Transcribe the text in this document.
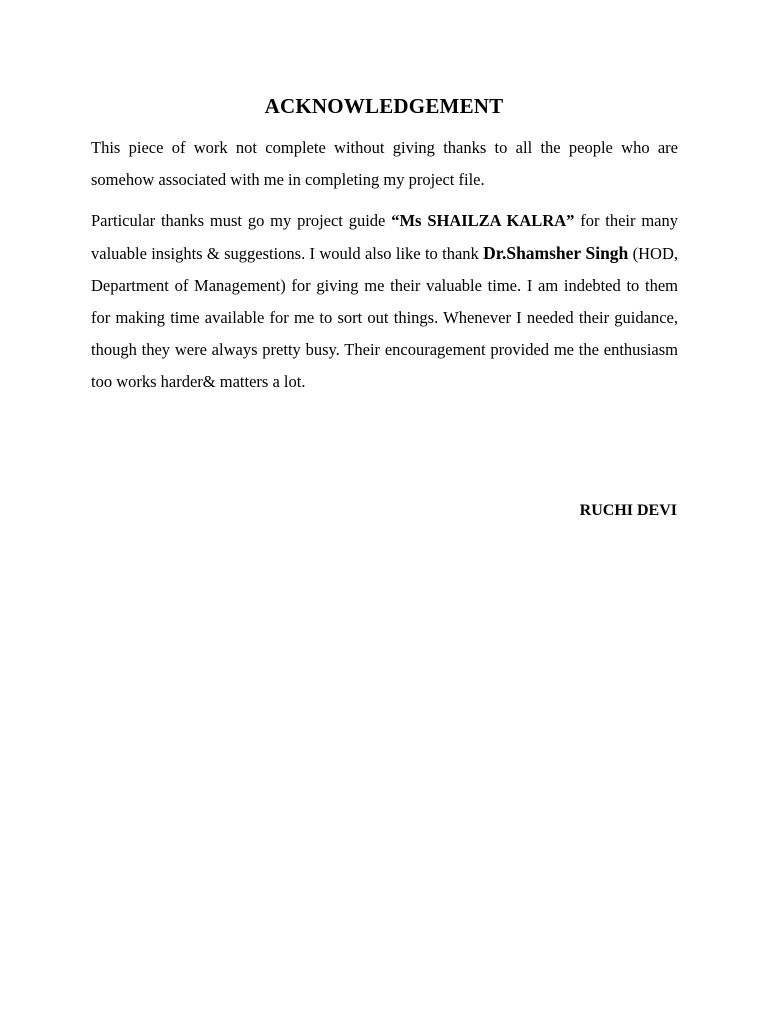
ACKNOWLEDGEMENT

This piece of work not complete without giving thanks to all the people who are somehow associated with me in completing my project file.

Particular thanks must go my project guide “Ms SHAILZA KALRA” for their many valuable insights & suggestions. I would also like to thank Dr.Shamsher Singh (HOD, Department of Management) for giving me their valuable time. I am indebted to them for making time available for me to sort out things. Whenever I needed their guidance, though they were always pretty busy. Their encouragement provided me the enthusiasm too works harder& matters a lot.

RUCHI DEVI
